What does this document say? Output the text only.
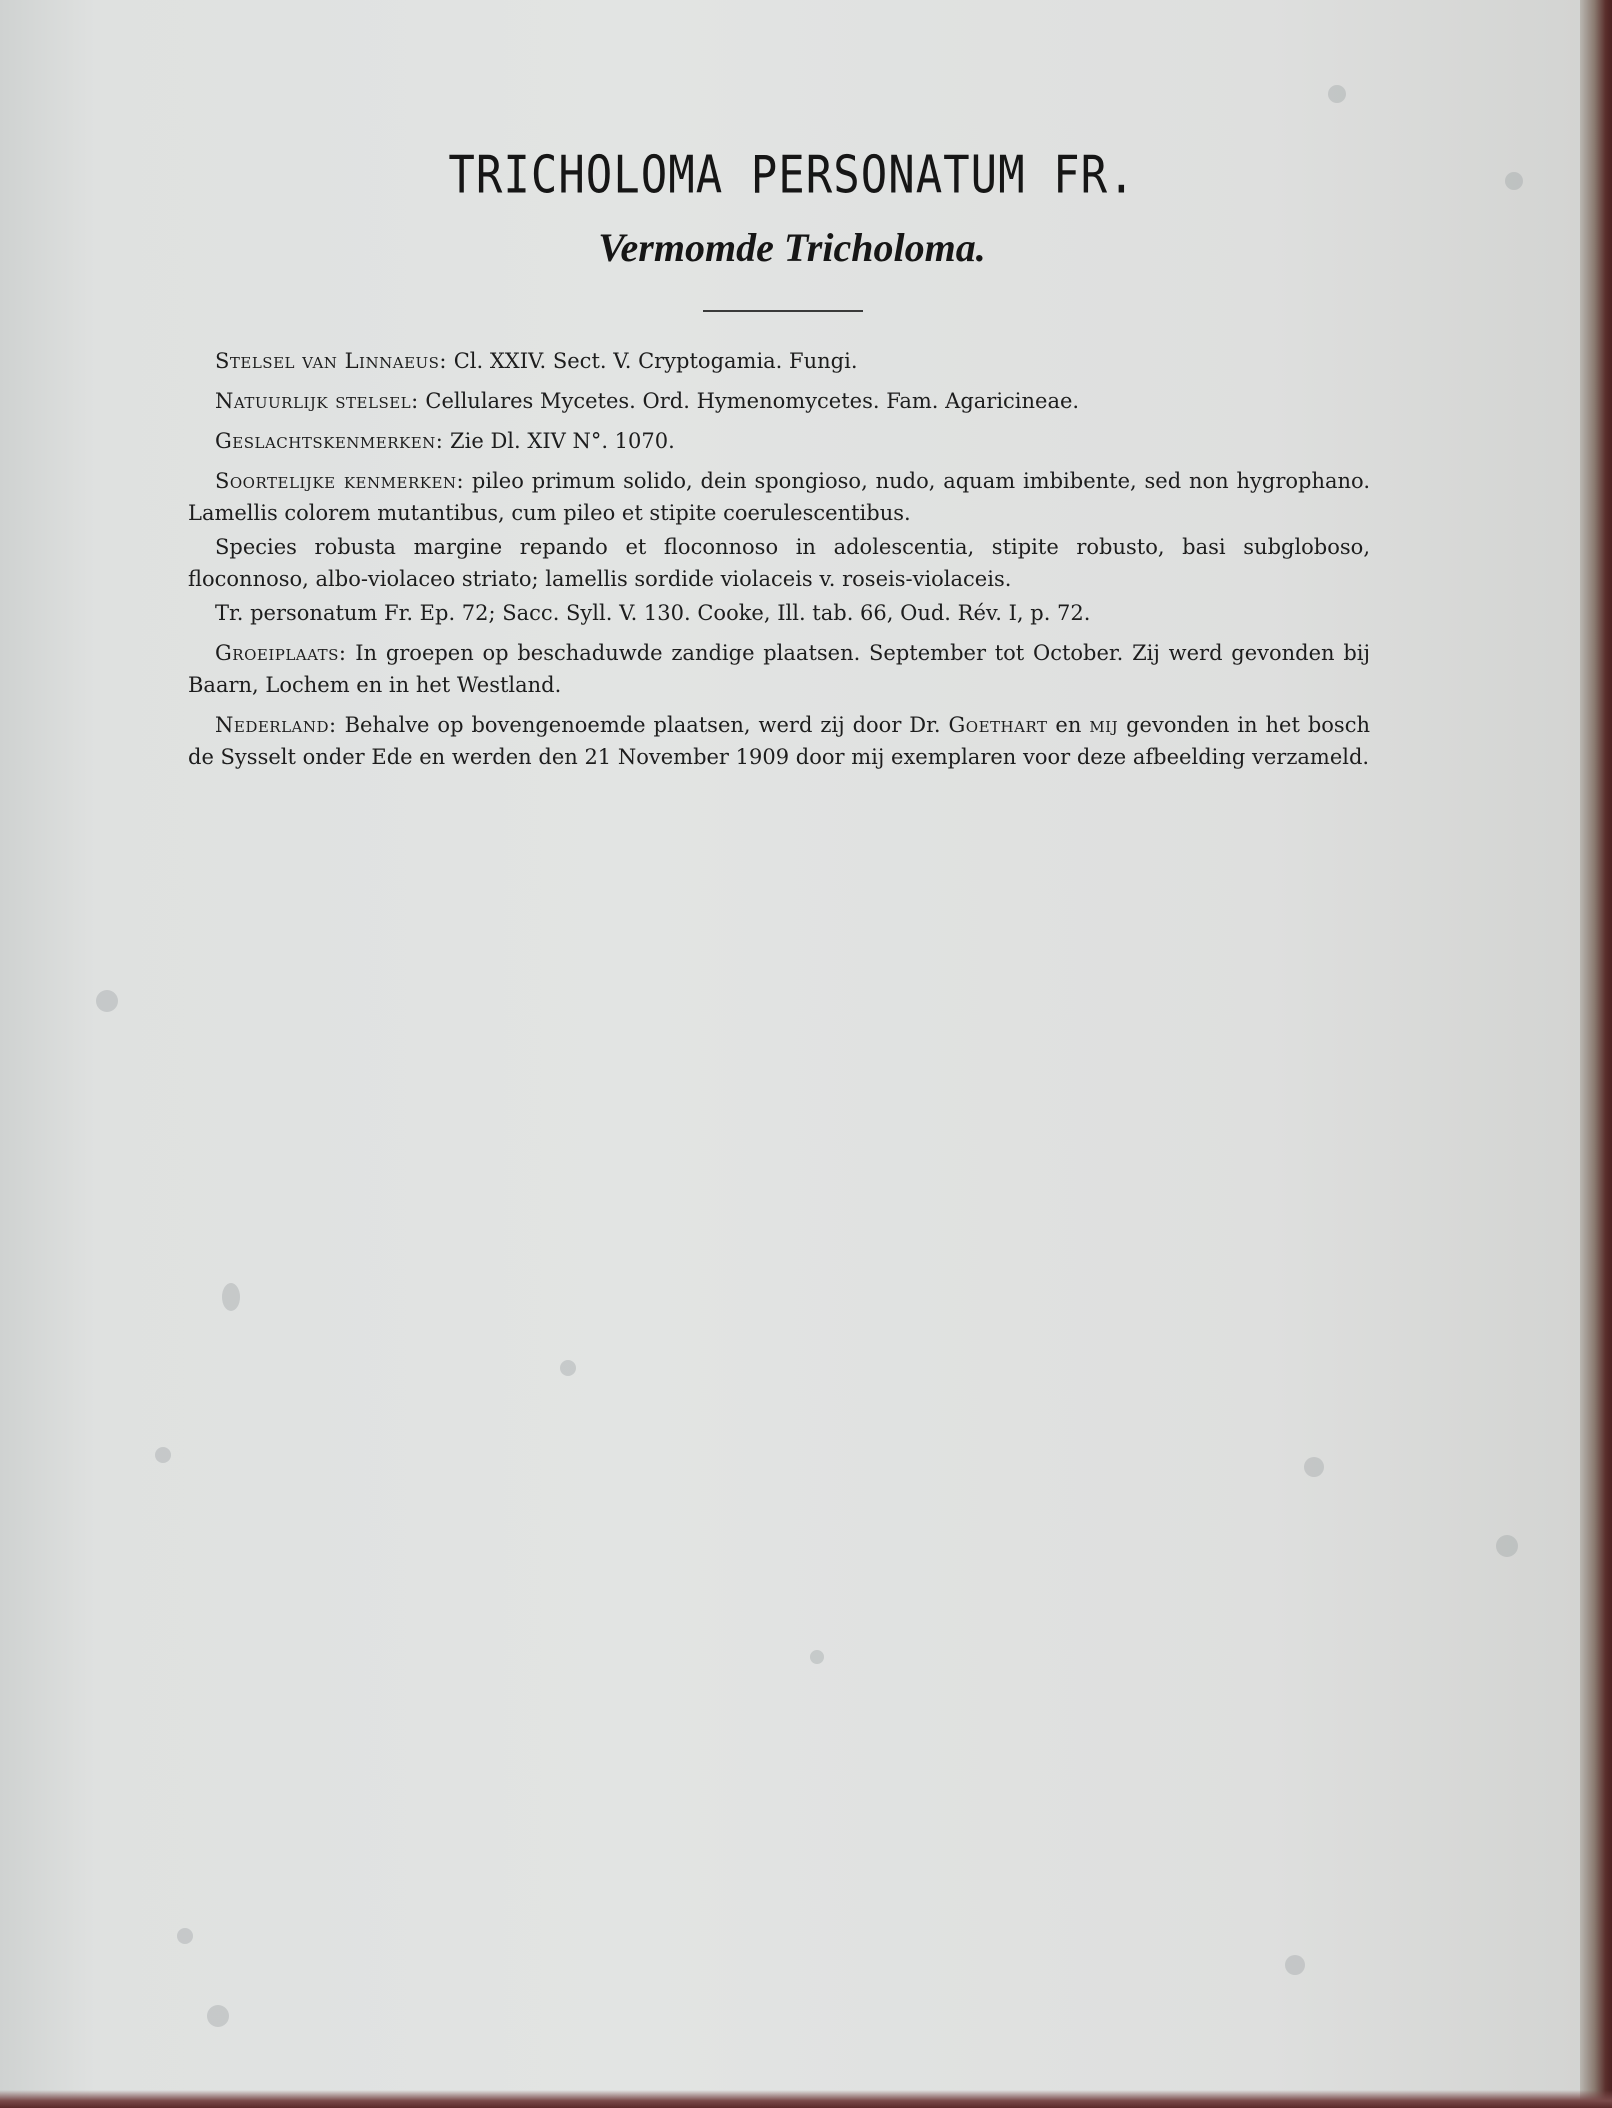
TRICHOLOMA PERSONATUM FR.
Vermomde Tricholoma.

Stelsel van Linnaeus: Cl. XXIV. Sect. V. Cryptogamia. Fungi.

Natuurlijk stelsel: Cellulares Mycetes. Ord. Hymenomycetes. Fam. Agaricineae.

Geslachtskenmerken: Zie Dl. XIV N°. 1070.

Soortelijke kenmerken: pileo primum solido, dein spongioso, nudo, aquam imbibente, sed non hygrophano. Lamellis colorem mutantibus, cum pileo et stipite coerulescentibus.

Species robusta margine repando et floconnoso in adolescentia, stipite robusto, basi subgloboso, floconnoso, albo-violaceo striato; lamellis sordide violaceis v. roseis-violaceis.

Tr. personatum Fr. Ep. 72; Sacc. Syll. V. 130. Cooke, Ill. tab. 66, Oud. Rév. I, p. 72.

Groeiplaats: In groepen op beschaduwde zandige plaatsen. September tot October. Zij werd gevonden bij Baarn, Lochem en in het Westland.

Nederland: Behalve op bovengenoemde plaatsen, werd zij door Dr. Goethart en mij gevonden in het bosch de Sysselt onder Ede en werden den 21 November 1909 door mij exemplaren voor deze afbeelding verzameld.
